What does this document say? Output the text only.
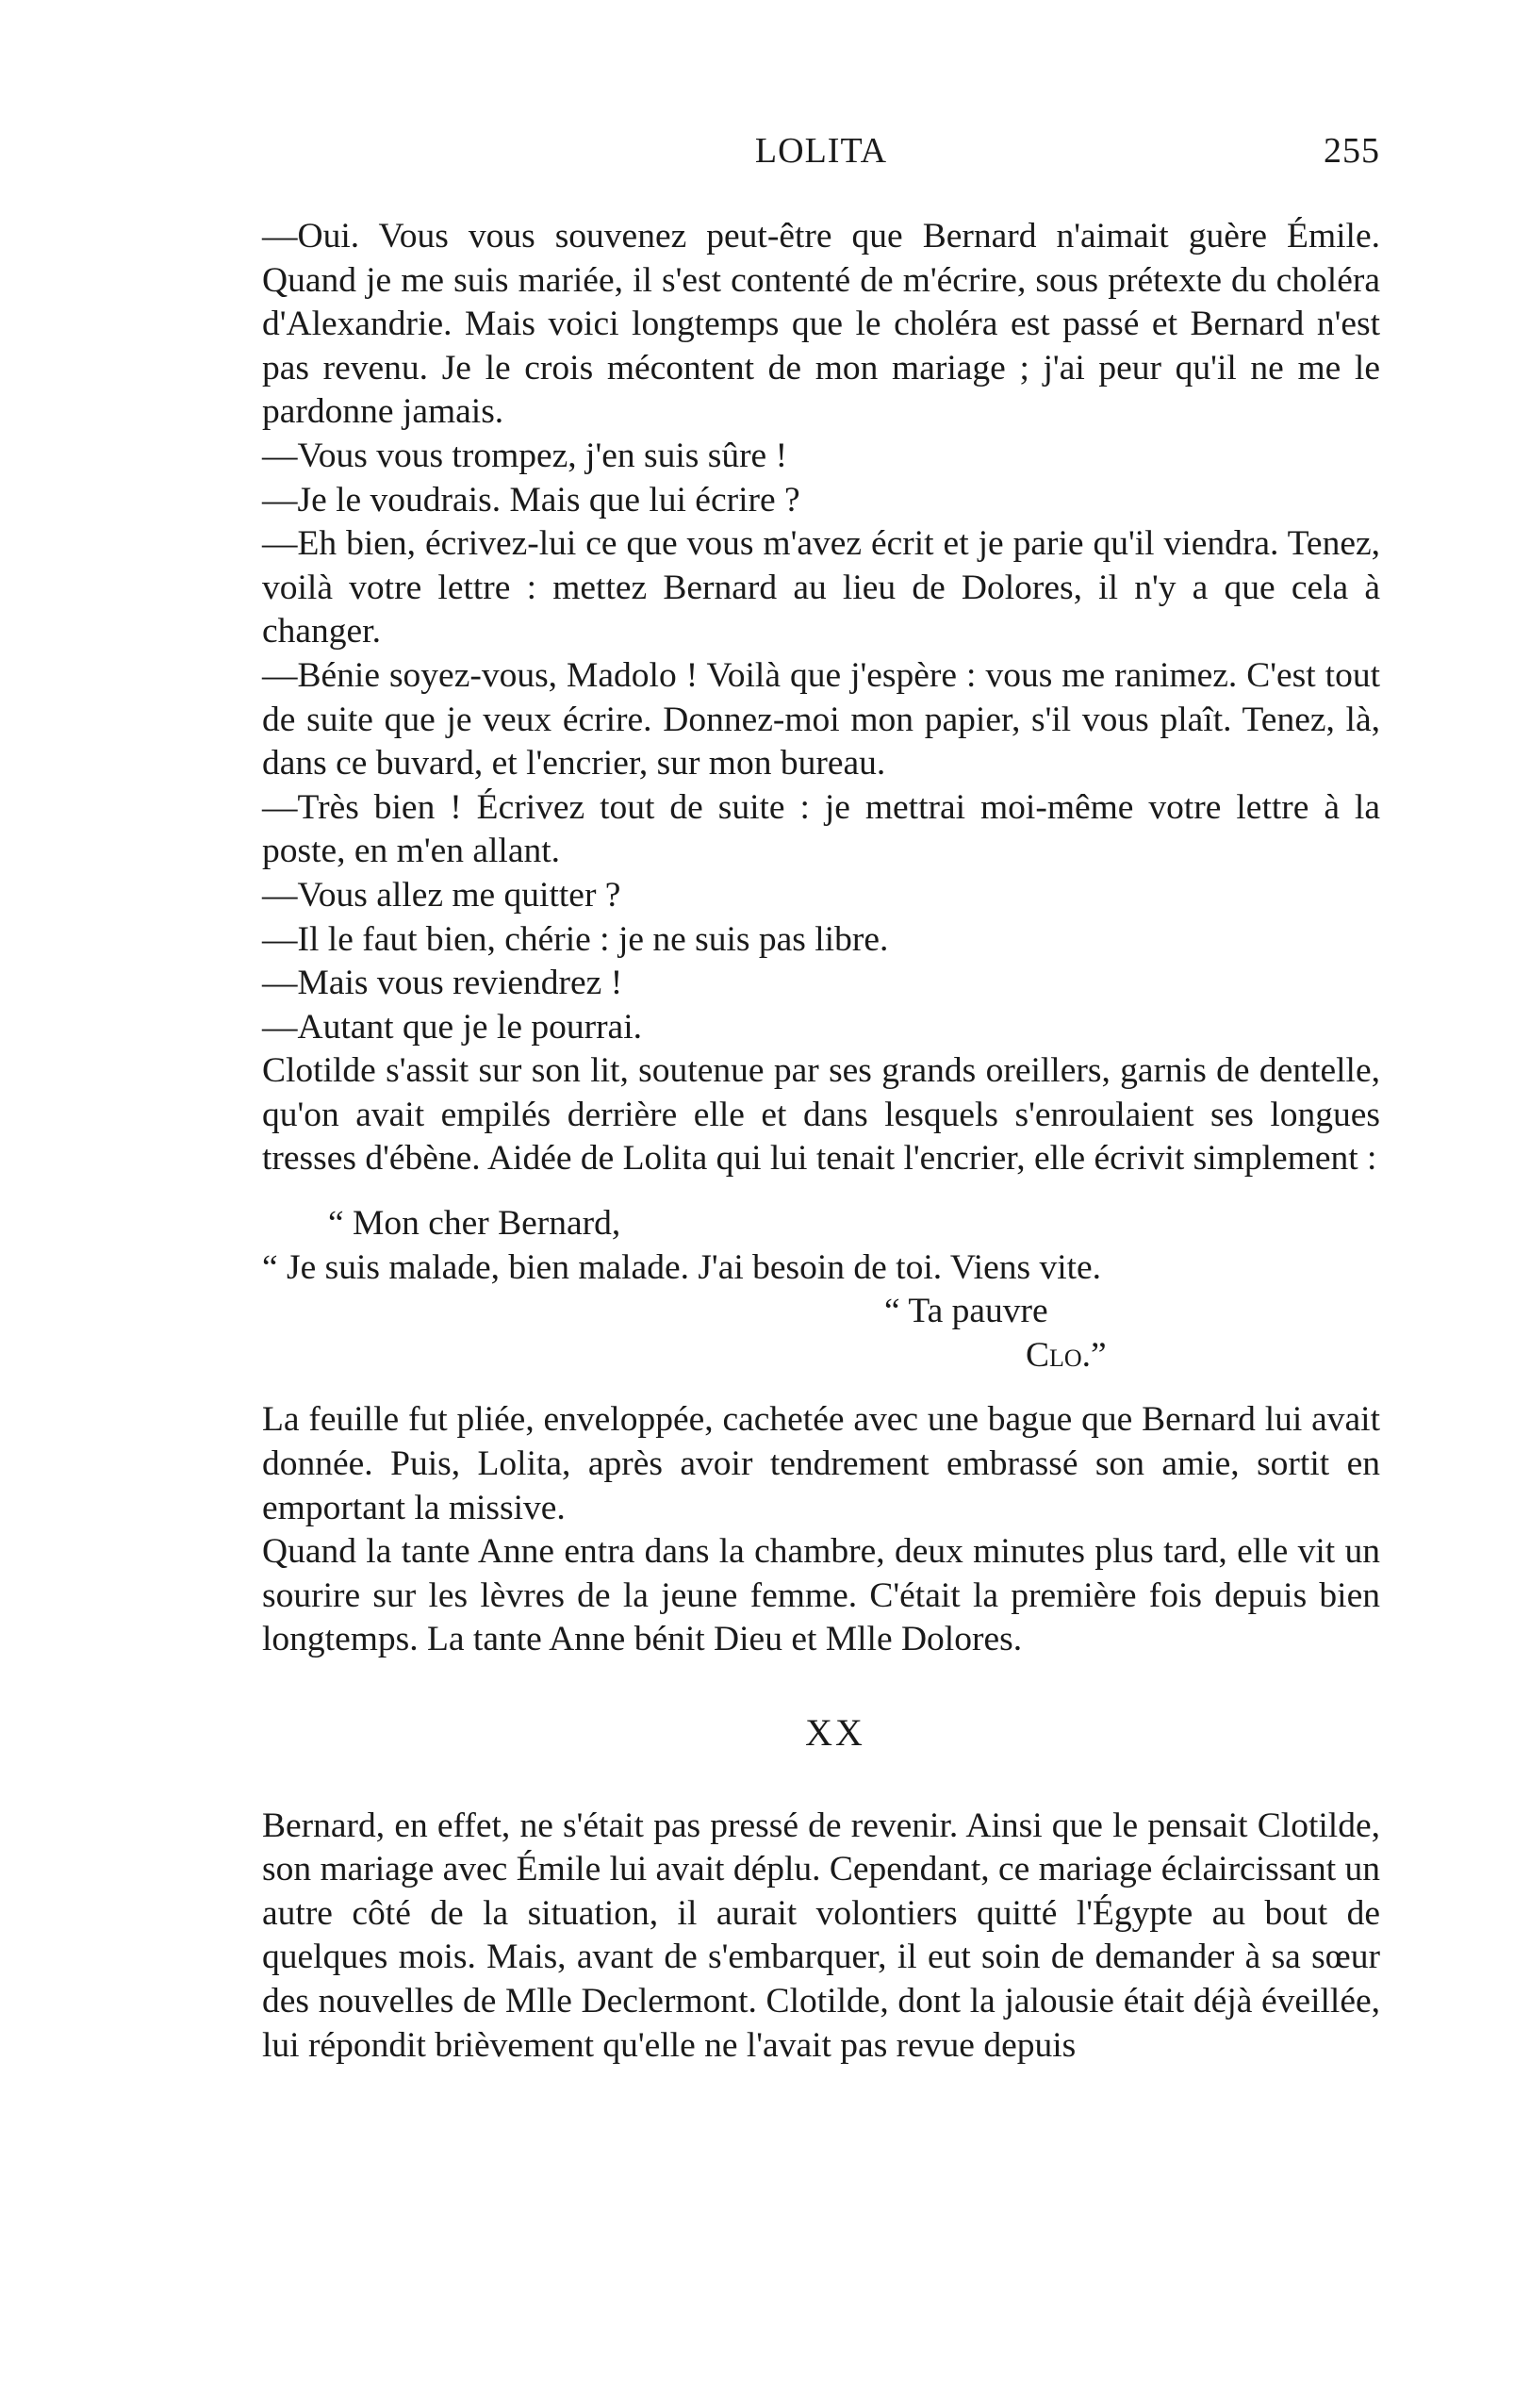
LOLITA	255

—Oui. Vous vous souvenez peut-être que Bernard n'aimait guère Émile. Quand je me suis mariée, il s'est contenté de m'écrire, sous prétexte du choléra d'Alexandrie. Mais voici longtemps que le choléra est passé et Bernard n'est pas revenu. Je le crois mécontent de mon mariage ; j'ai peur qu'il ne me le pardonne jamais.

—Vous vous trompez, j'en suis sûre !

—Je le voudrais. Mais que lui écrire ?

—Eh bien, écrivez-lui ce que vous m'avez écrit et je parie qu'il viendra. Tenez, voilà votre lettre : mettez Bernard au lieu de Dolores, il n'y a que cela à changer.

—Bénie soyez-vous, Madolo ! Voilà que j'espère : vous me ranimez. C'est tout de suite que je veux écrire. Donnez-moi mon papier, s'il vous plaît. Tenez, là, dans ce buvard, et l'encrier, sur mon bureau.

—Très bien ! Écrivez tout de suite : je mettrai moi-même votre lettre à la poste, en m'en allant.

—Vous allez me quitter ?

—Il le faut bien, chérie : je ne suis pas libre.

—Mais vous reviendrez !

—Autant que je le pourrai.

Clotilde s'assit sur son lit, soutenue par ses grands oreillers, garnis de dentelle, qu'on avait empilés derrière elle et dans lesquels s'enroulaient ses longues tresses d'ébène. Aidée de Lolita qui lui tenait l'encrier, elle écrivit simplement :

“ Mon cher Bernard,

“ Je suis malade, bien malade. J'ai besoin de toi. Viens vite.

“ Ta pauvre

Clo.”

La feuille fut pliée, enveloppée, cachetée avec une bague que Bernard lui avait donnée. Puis, Lolita, après avoir tendrement embrassé son amie, sortit en emportant la missive.

Quand la tante Anne entra dans la chambre, deux minutes plus tard, elle vit un sourire sur les lèvres de la jeune femme. C'était la première fois depuis bien longtemps. La tante Anne bénit Dieu et Mlle Dolores.

XX

Bernard, en effet, ne s'était pas pressé de revenir. Ainsi que le pensait Clotilde, son mariage avec Émile lui avait déplu. Cependant, ce mariage éclaircissant un autre côté de la situation, il aurait volontiers quitté l'Égypte au bout de quelques mois. Mais, avant de s'embarquer, il eut soin de demander à sa sœur des nouvelles de Mlle Declermont. Clotilde, dont la jalousie était déjà éveillée, lui répondit brièvement qu'elle ne l'avait pas revue depuis
